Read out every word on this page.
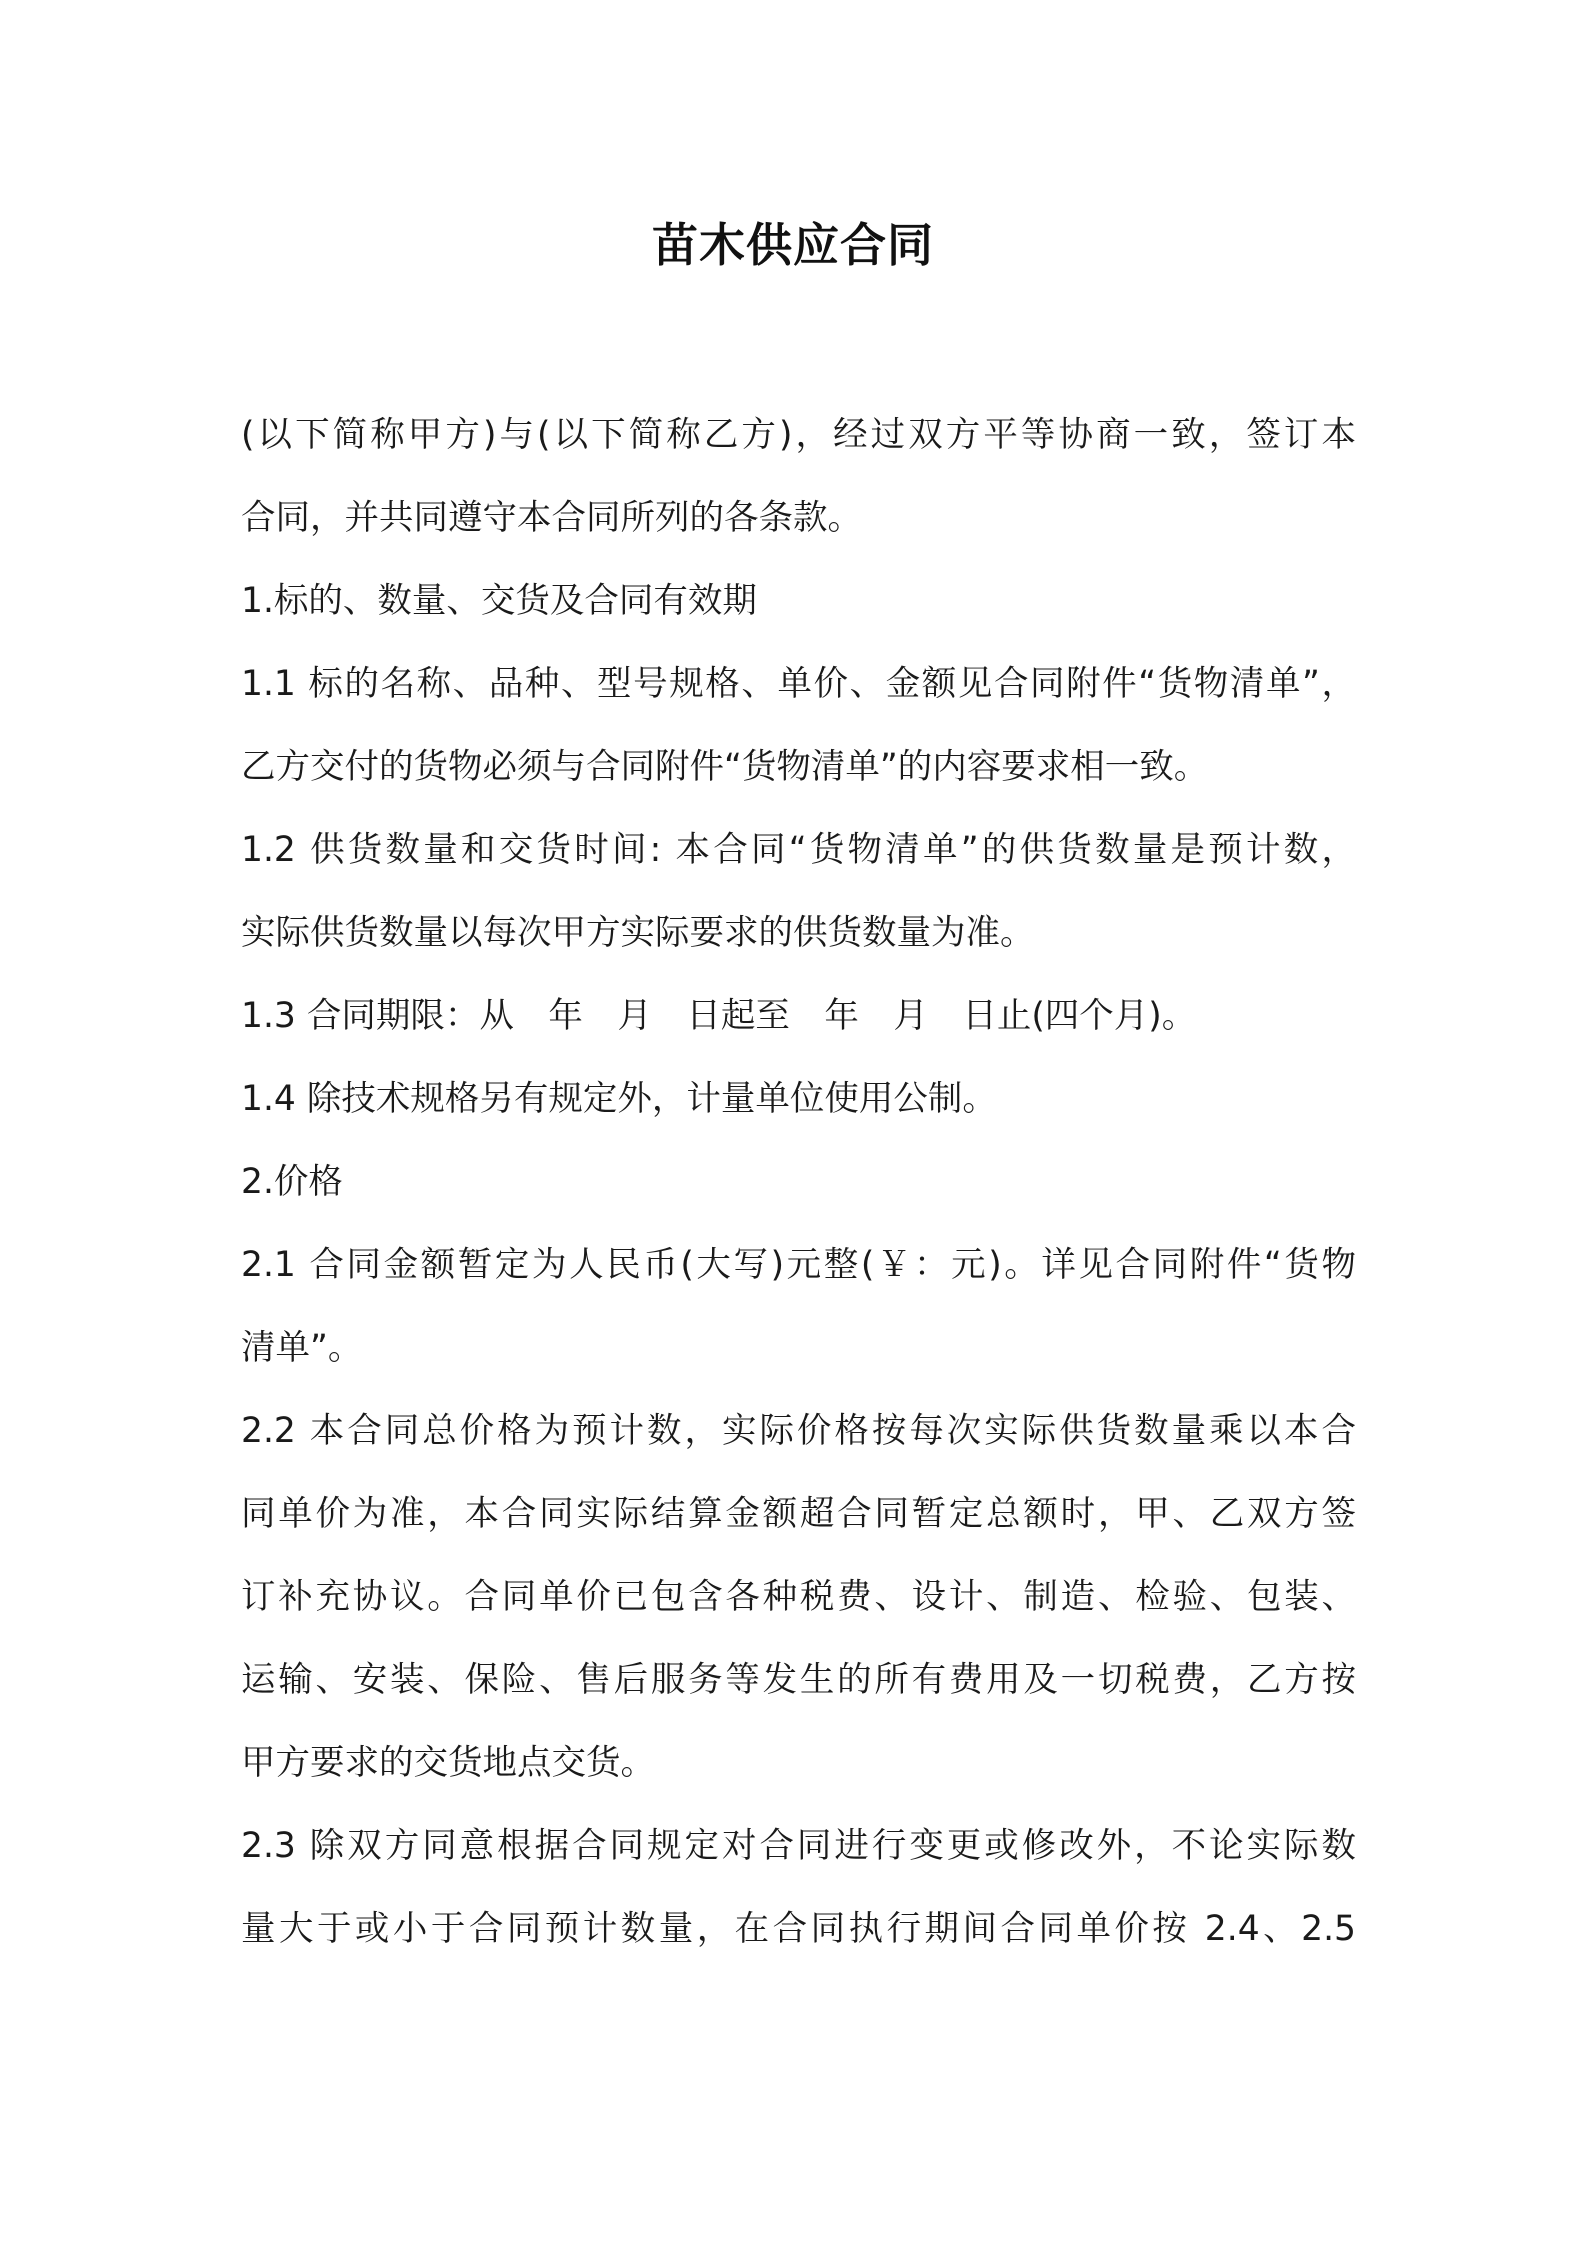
苗木供应合同
(以下简称甲方)与(以下简称乙方)，经过双方平等协商一致，签订本
合同，并共同遵守本合同所列的各条款。
1.标的、数量、交货及合同有效期
1.1 标的名称、品种、型号规格、单价、金额见合同附件“货物清单”，
乙方交付的货物必须与合同附件“货物清单”的内容要求相一致。
1.2 供货数量和交货时间: 本合同“货物清单”的供货数量是预计数，
实际供货数量以每次甲方实际要求的供货数量为准。
1.3 合同期限：从　年　月　日起至　年　月　日止(四个月)。
1.4 除技术规格另有规定外，计量单位使用公制。
2.价格
2.1 合同金额暂定为人民币(大写)元整(￥：元)。详见合同附件“货物
清单”。
2.2 本合同总价格为预计数，实际价格按每次实际供货数量乘以本合
同单价为准，本合同实际结算金额超合同暂定总额时，甲、乙双方签
订补充协议。合同单价已包含各种税费、设计、制造、检验、包装、
运输、安装、保险、售后服务等发生的所有费用及一切税费，乙方按
甲方要求的交货地点交货。
2.3 除双方同意根据合同规定对合同进行变更或修改外，不论实际数
量大于或小于合同预计数量，在合同执行期间合同单价按 2.4、2.5
